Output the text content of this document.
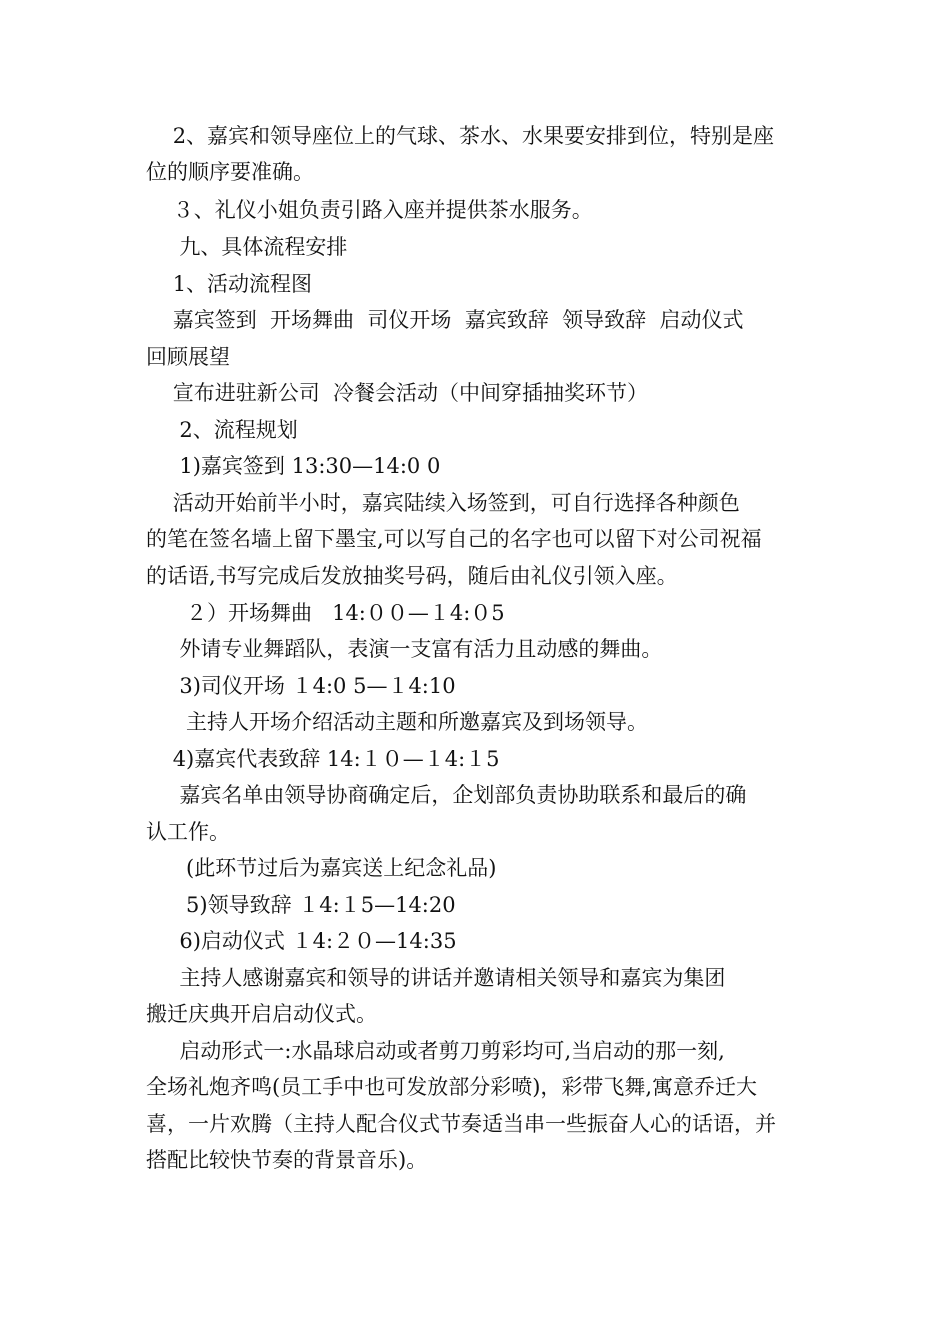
2、嘉宾和领导座位上的气球、茶水、水果要安排到位，特别是座
位的顺序要准确。
３、礼仪小姐负责引路入座并提供茶水服务。
九、具体流程安排
1、活动流程图
嘉宾签到  开场舞曲  司仪开场  嘉宾致辞  领导致辞  启动仪式
回顾展望
宣布进驻新公司  冷餐会活动（中间穿插抽奖环节）
2、流程规划
1)嘉宾签到 13:30—14:0 0
活动开始前半小时，嘉宾陆续入场签到，可自行选择各种颜色
的笔在签名墙上留下墨宝,可以写自己的名字也可以留下对公司祝福
的话语,书写完成后发放抽奖号码，随后由礼仪引领入座。
２）开场舞曲   14:００—１4:０5
外请专业舞蹈队，表演一支富有活力且动感的舞曲。
3)司仪开场 １4:0 5—１4:10
主持人开场介绍活动主题和所邀嘉宾及到场领导。
4)嘉宾代表致辞 14:１０—１4:１5
嘉宾名单由领导协商确定后，企划部负责协助联系和最后的确
认工作。
(此环节过后为嘉宾送上纪念礼品)
5)领导致辞 １4:１5—14:20
6)启动仪式 １4:２０—14:35
主持人感谢嘉宾和领导的讲话并邀请相关领导和嘉宾为集团
搬迁庆典开启启动仪式。
启动形式一:水晶球启动或者剪刀剪彩均可,当启动的那一刻,
全场礼炮齐鸣(员工手中也可发放部分彩喷)，彩带飞舞,寓意乔迁大
喜，一片欢腾（主持人配合仪式节奏适当串一些振奋人心的话语，并
搭配比较快节奏的背景音乐)。
